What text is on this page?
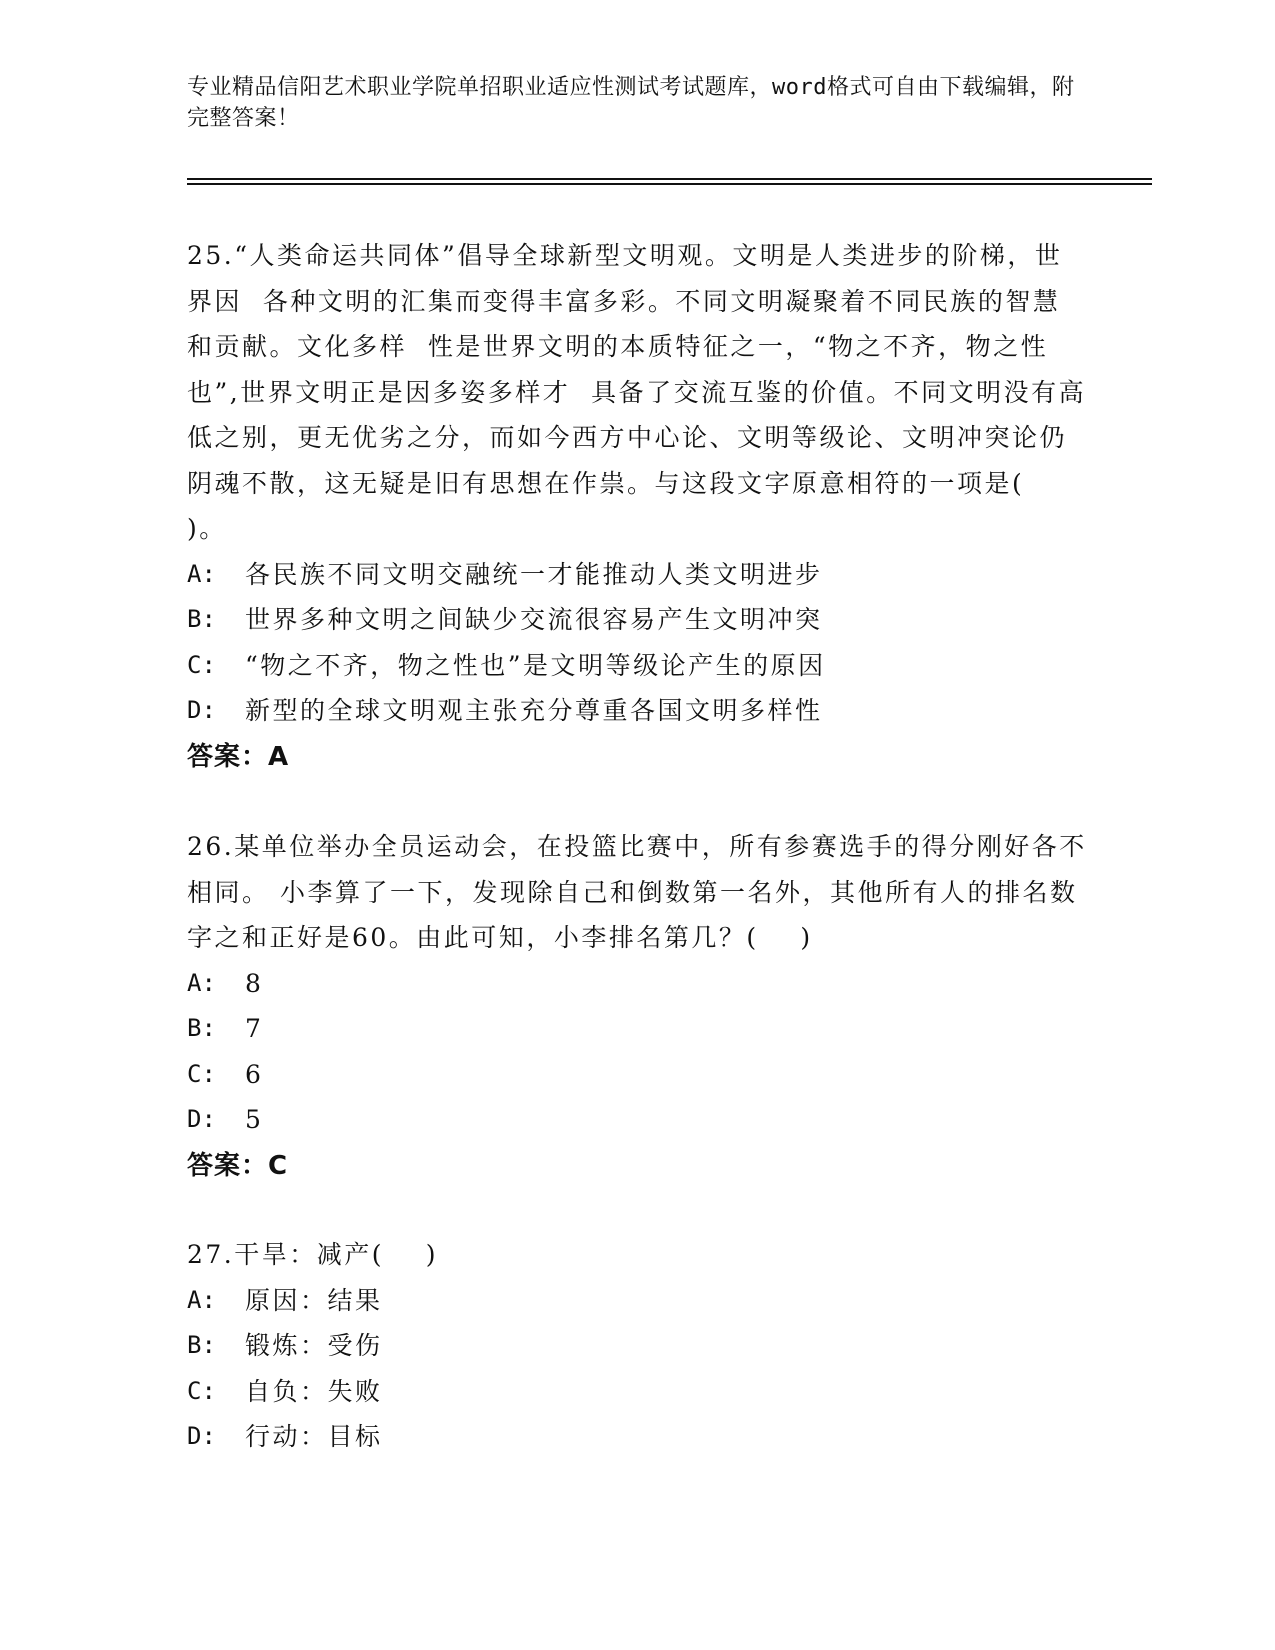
专业精品信阳艺术职业学院单招职业适应性测试考试题库，word格式可自由下载编辑，附完整答案！

25.“人类命运共同体”倡导全球新型文明观。文明是人类进步的阶梯，世界因  各种文明的汇集而变得丰富多彩。不同文明凝聚着不同民族的智慧和贡献。文化多样  性是世界文明的本质特征之一，“物之不齐，物之性也”,世界文明正是因多姿多样才  具备了交流互鉴的价值。不同文明没有高低之别，更无优劣之分，而如今西方中心论、文明等级论、文明冲突论仍阴魂不散，这无疑是旧有思想在作祟。与这段文字原意相符的一项是(    )。

A:	各民族不同文明交融统一才能推动人类文明进步
B:	世界多种文明之间缺少交流很容易产生文明冲突
C:	“物之不齐，物之性也”是文明等级论产生的原因
D:	新型的全球文明观主张充分尊重各国文明多样性
答案：A

26.某单位举办全员运动会，在投篮比赛中，所有参赛选手的得分刚好各不相同。 小李算了一下，发现除自己和倒数第一名外，其他所有人的排名数字之和正好是60。由此可知，小李排名第几？(    )

A:	8
B:	7
C:	6
D:	5
答案：C

27.干旱：减产(    )

A:	原因：结果
B:	锻炼：受伤
C:	自负：失败
D:	行动：目标
